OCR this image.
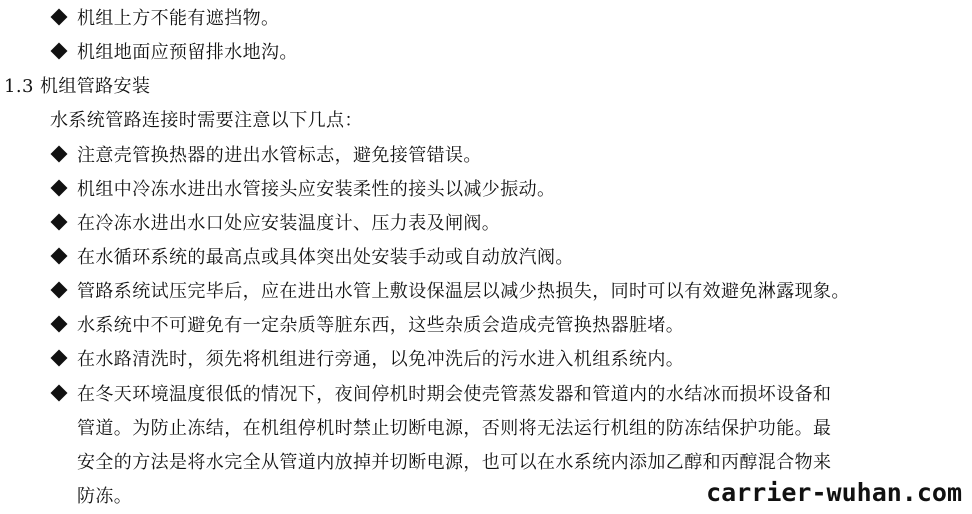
机组上方不能有遮挡物。
机组地面应预留排水地沟。
1.3 机组管路安装
水系统管路连接时需要注意以下几点：
注意壳管换热器的进出水管标志，避免接管错误。
机组中冷冻水进出水管接头应安装柔性的接头以减少振动。
在冷冻水进出水口处应安装温度计、压力表及闸阀。
在水循环系统的最高点或具体突出处安装手动或自动放汽阀。
管路系统试压完毕后，应在进出水管上敷设保温层以减少热损失，同时可以有效避免淋露现象。
水系统中不可避免有一定杂质等脏东西，这些杂质会造成壳管换热器脏堵。
在水路清洗时，须先将机组进行旁通，以免冲洗后的污水进入机组系统内。
在冬天环境温度很低的情况下，夜间停机时期会使壳管蒸发器和管道内的水结冰而损坏设备和
管道。为防止冻结，在机组停机时禁止切断电源，否则将无法运行机组的防冻结保护功能。最
安全的方法是将水完全从管道内放掉并切断电源，也可以在水系统内添加乙醇和丙醇混合物来
防冻。	carrier-wuhan.com
